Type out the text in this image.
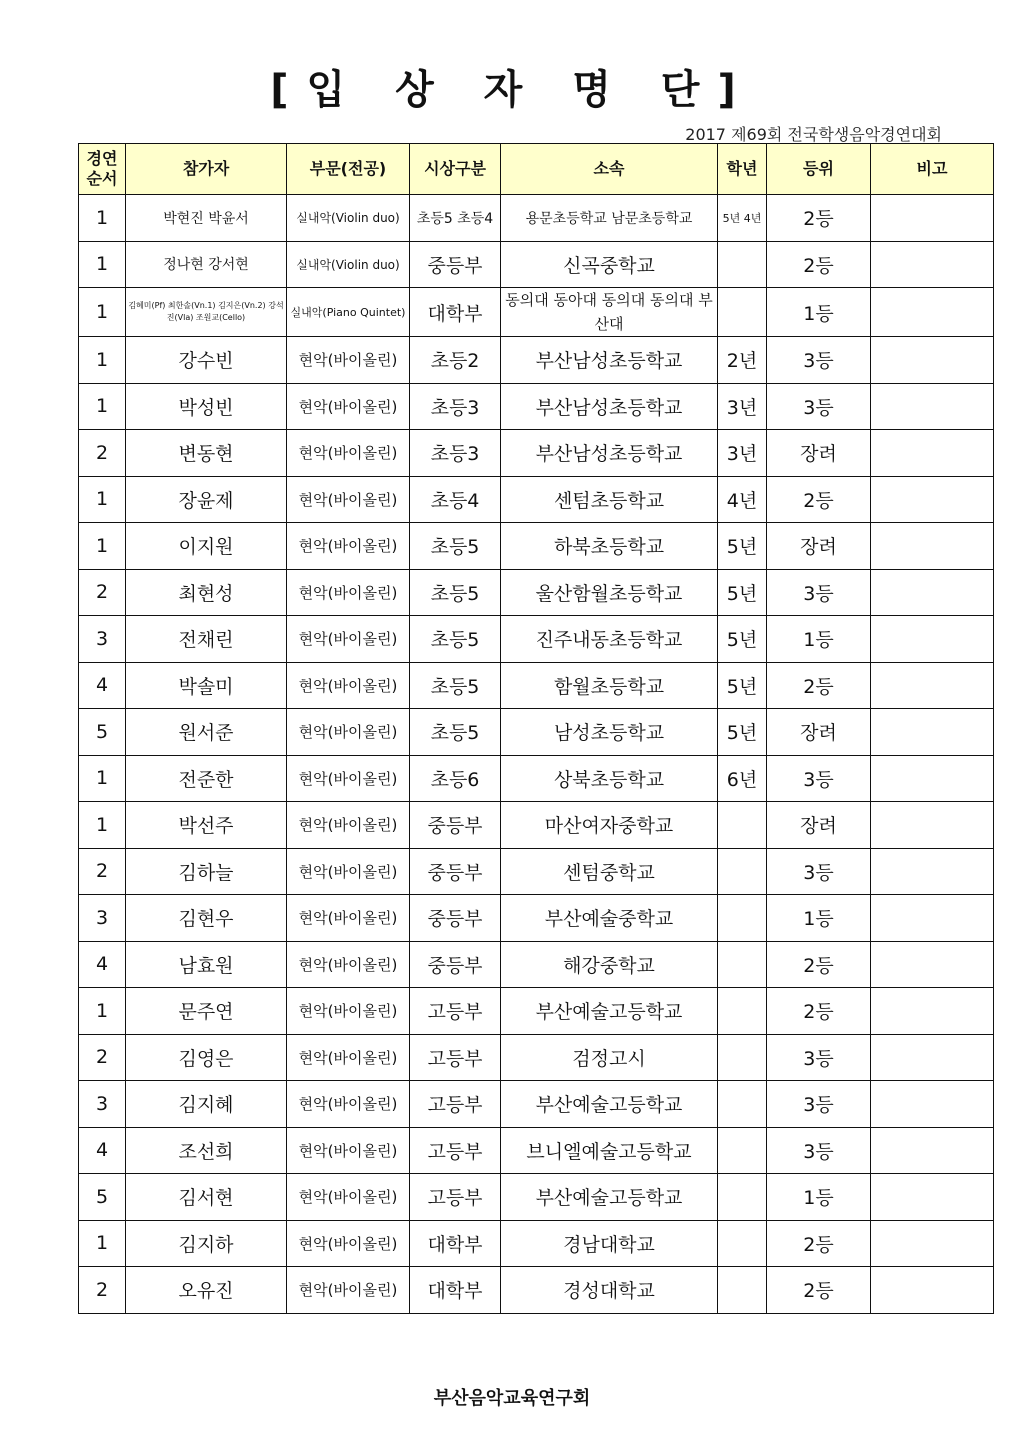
[입 상 자 명 단]
2017 제69회 전국학생음악경연대회
경연
순서	참가자	부문(전공)	시상구분	소속	학년	등위	비고
1	박현진 박윤서	실내악(Violin duo)	초등5 초등4	용문초등학교 남문초등학교	5년 4년	2등	
1	정나현 강서현	실내악(Violin duo)	중등부	신곡중학교		2등	
1	김혜미(Pf) 최한솔(Vn.1) 김지은(Vn.2) 강석진(Vla) 조원교(Cello)	실내악(Piano Quintet)	대학부	동의대 동아대 동의대 동의대 부산대		1등	
1	강수빈	현악(바이올린)	초등2	부산남성초등학교	2년	3등	
1	박성빈	현악(바이올린)	초등3	부산남성초등학교	3년	3등	
2	변동현	현악(바이올린)	초등3	부산남성초등학교	3년	장려	
1	장윤제	현악(바이올린)	초등4	센텀초등학교	4년	2등	
1	이지원	현악(바이올린)	초등5	하북초등학교	5년	장려	
2	최현성	현악(바이올린)	초등5	울산함월초등학교	5년	3등	
3	전채린	현악(바이올린)	초등5	진주내동초등학교	5년	1등	
4	박솔미	현악(바이올린)	초등5	함월초등학교	5년	2등	
5	원서준	현악(바이올린)	초등5	남성초등학교	5년	장려	
1	전준한	현악(바이올린)	초등6	상북초등학교	6년	3등	
1	박선주	현악(바이올린)	중등부	마산여자중학교		장려	
2	김하늘	현악(바이올린)	중등부	센텀중학교		3등	
3	김현우	현악(바이올린)	중등부	부산예술중학교		1등	
4	남효원	현악(바이올린)	중등부	해강중학교		2등	
1	문주연	현악(바이올린)	고등부	부산예술고등학교		2등	
2	김영은	현악(바이올린)	고등부	검정고시		3등	
3	김지혜	현악(바이올린)	고등부	부산예술고등학교		3등	
4	조선희	현악(바이올린)	고등부	브니엘예술고등학교		3등	
5	김서현	현악(바이올린)	고등부	부산예술고등학교		1등	
1	김지하	현악(바이올린)	대학부	경남대학교		2등	
2	오유진	현악(바이올린)	대학부	경성대학교		2등	
부산음악교육연구회
